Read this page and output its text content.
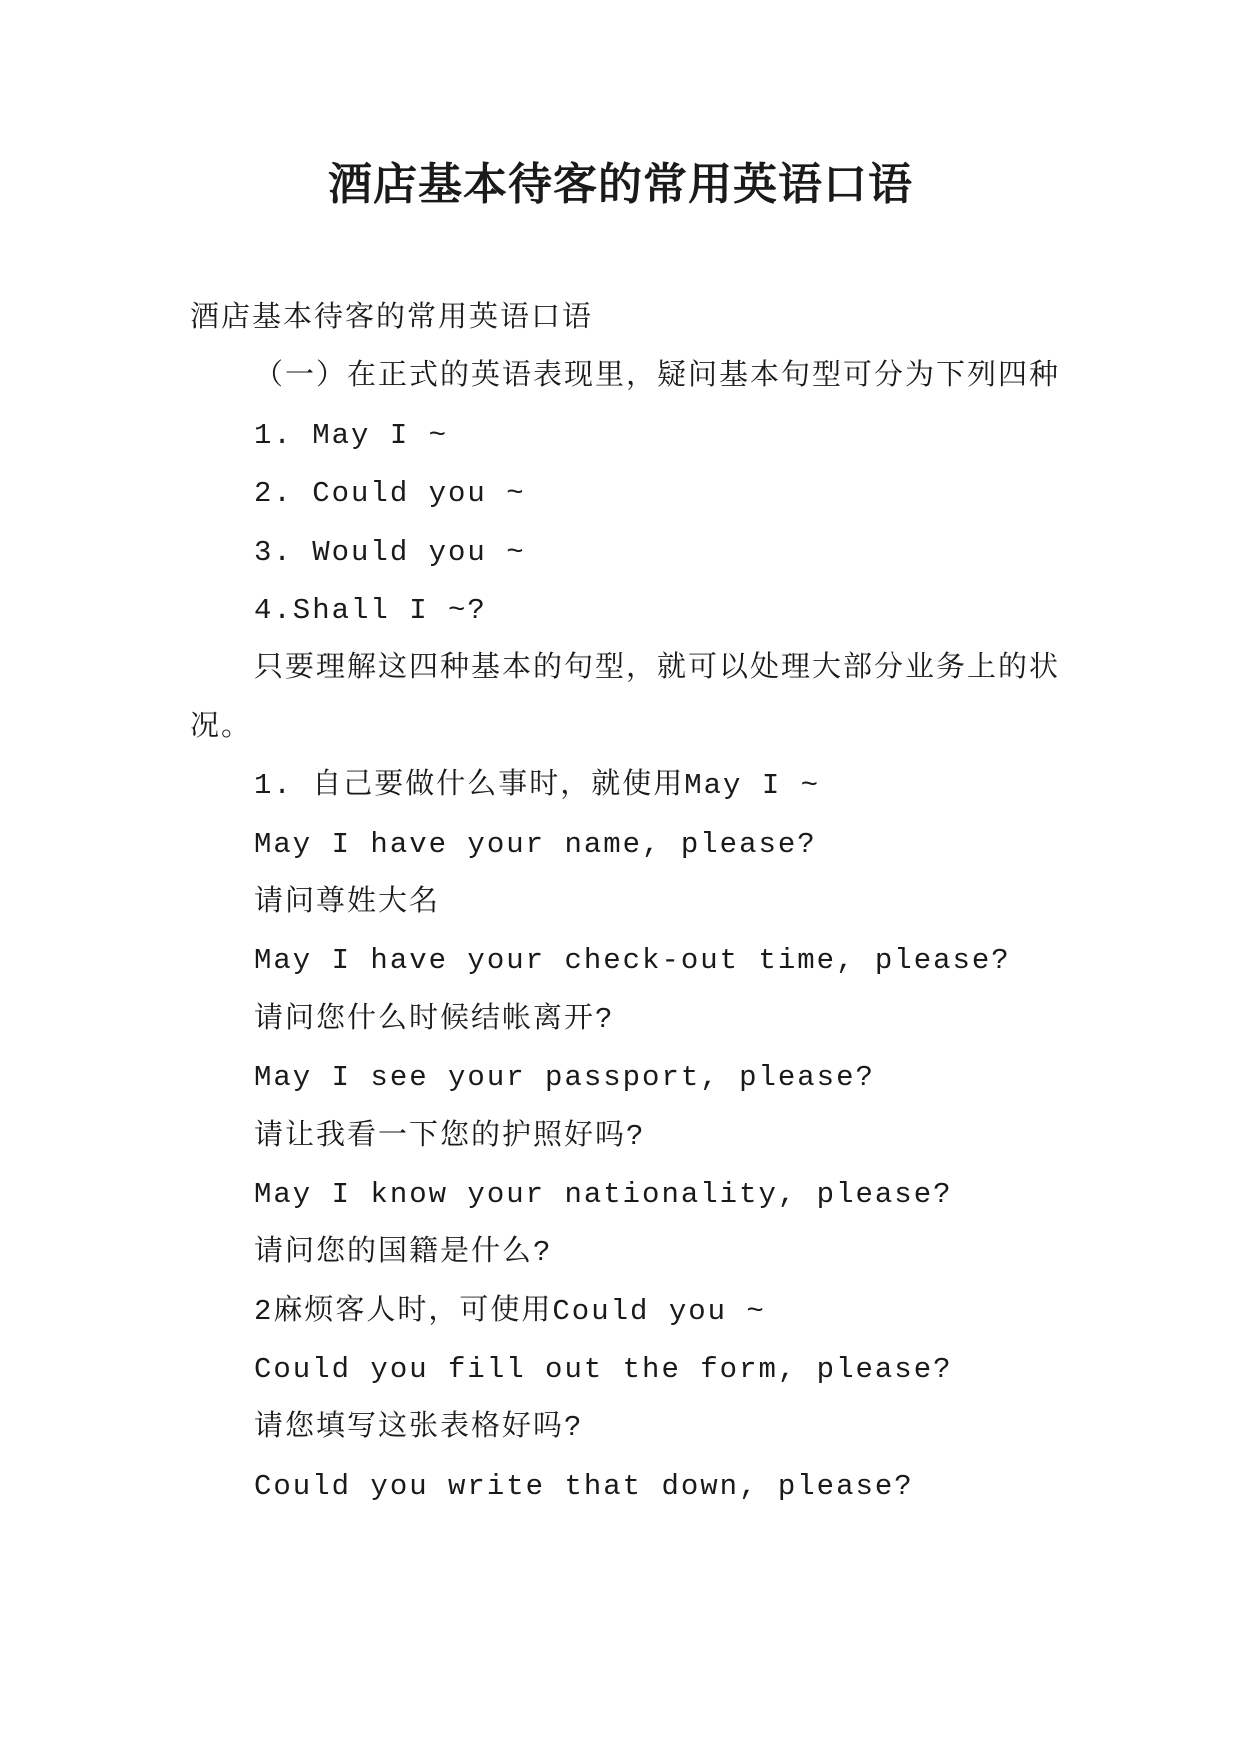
酒店基本待客的常用英语口语
酒店基本待客的常用英语口语
（一）在正式的英语表现里，疑问基本句型可分为下列四种
1. May I ~
2. Could you ~
3. Would you ~
4.Shall I ~?
只要理解这四种基本的句型，就可以处理大部分业务上的状况。
1. 自己要做什么事时，就使用May I ~
May I have your name, please?
请问尊姓大名
May I have your check-out time, please?
请问您什么时候结帐离开?
May I see your passport, please?
请让我看一下您的护照好吗?
May I know your nationality, please?
请问您的国籍是什么?
2麻烦客人时，可使用Could you ~
Could you fill out the form, please?
请您填写这张表格好吗?
Could you write that down, please?
